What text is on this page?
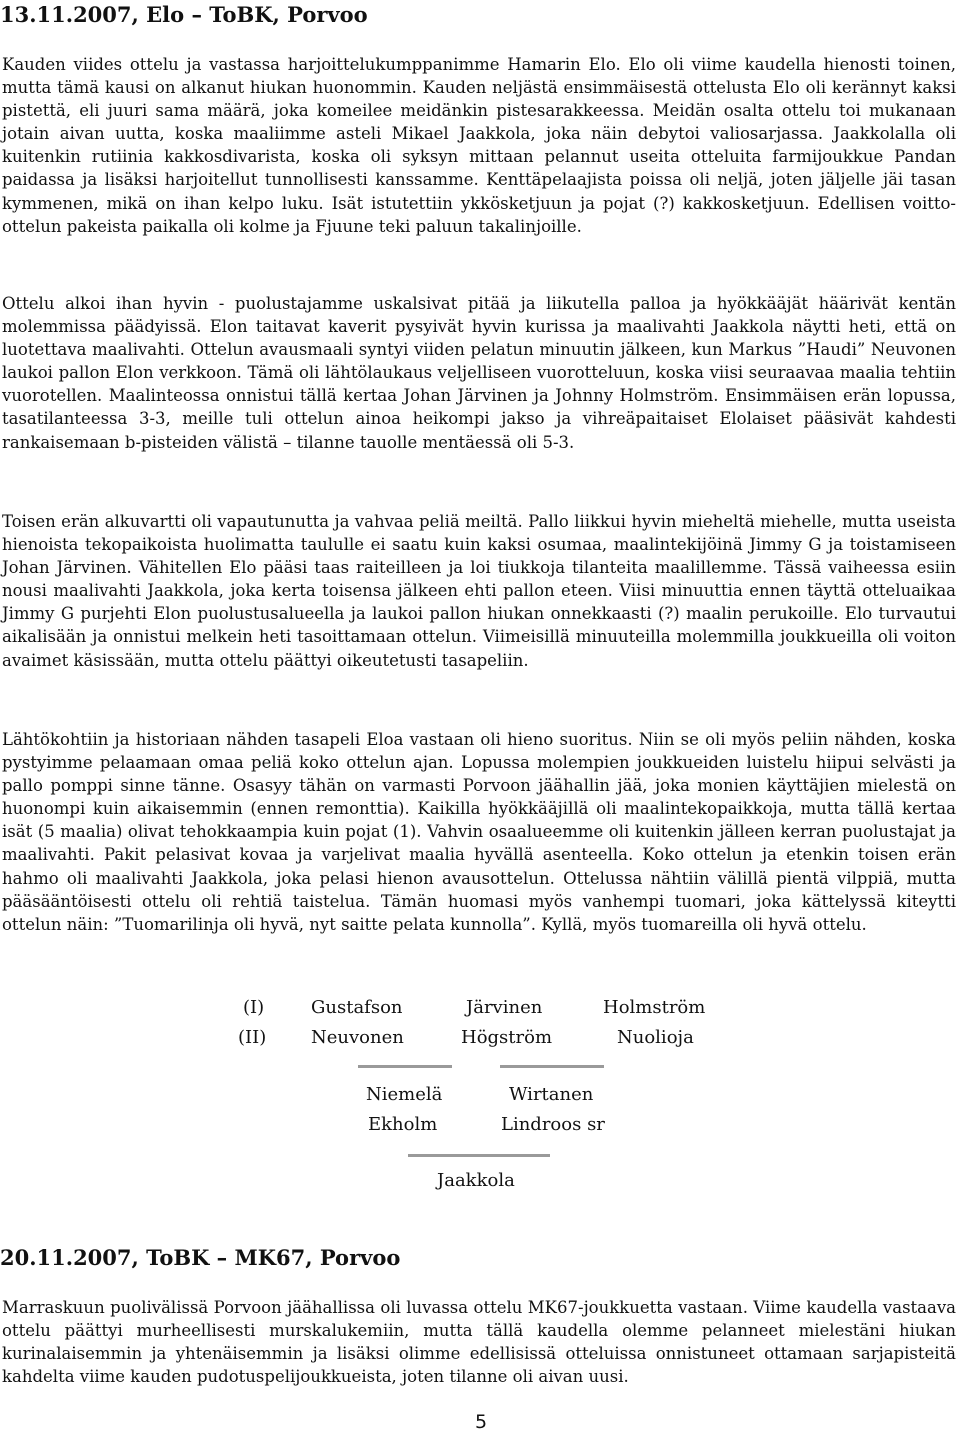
13.11.2007, Elo – ToBK, Porvoo

Kauden viides ottelu ja vastassa harjoittelukumppanimme Hamarin Elo. Elo oli viime kaudella hienosti toinen, mutta tämä kausi on alkanut hiukan huonommin. Kauden neljästä ensimmäisestä ottelusta Elo oli kerännyt kaksi pistettä, eli juuri sama määrä, joka komeilee meidänkin pistesarakkeessa. Meidän osalta ottelu toi mukanaan jotain aivan uutta, koska maaliimme asteli Mikael Jaakkola, joka näin debytoi valiosarjassa. Jaakkolalla oli kuitenkin rutiinia kakkosdivarista, koska oli syksyn mittaan pelannut useita otteluita farmijoukkue Pandan paidassa ja lisäksi harjoitellut tunnollisesti kanssamme. Kenttäpelaajista poissa oli neljä, joten jäljelle jäi tasan kymmenen, mikä on ihan kelpo luku. Isät istutettiin ykkösketjuun ja pojat (?) kakkosketjuun. Edellisen voitto-ottelun pakeista paikalla oli kolme ja Fjuune teki paluun takalinjoille.

Ottelu alkoi ihan hyvin - puolustajamme uskalsivat pitää ja liikutella palloa ja hyökkääjät häärivät kentän molemmissa päädyissä. Elon taitavat kaverit pysyivät hyvin kurissa ja maalivahti Jaakkola näytti heti, että on luotettava maalivahti. Ottelun avausmaali syntyi viiden pelatun minuutin jälkeen, kun Markus ”Haudi” Neuvonen laukoi pallon Elon verkkoon. Tämä oli lähtölaukaus veljelliseen vuorotteluun, koska viisi seuraavaa maalia tehtiin vuorotellen. Maalinteossa onnistui tällä kertaa Johan Järvinen ja Johnny Holmström. Ensimmäisen erän lopussa, tasatilanteessa 3-3, meille tuli ottelun ainoa heikompi jakso ja vihreäpaitaiset Elolaiset pääsivät kahdesti rankaisemaan b-pisteiden välistä – tilanne tauolle mentäessä oli 5-3.

Toisen erän alkuvartti oli vapautunutta ja vahvaa peliä meiltä. Pallo liikkui hyvin mieheltä miehelle, mutta useista hienoista tekopaikoista huolimatta taululle ei saatu kuin kaksi osumaa, maalintekijöinä Jimmy G ja toistamiseen Johan Järvinen. Vähitellen Elo pääsi taas raiteilleen ja loi tiukkoja tilanteita maalillemme. Tässä vaiheessa esiin nousi maalivahti Jaakkola, joka kerta toisensa jälkeen ehti pallon eteen. Viisi minuuttia ennen täyttä otteluaikaa Jimmy G purjehti Elon puolustusalueella ja laukoi pallon hiukan onnekkaasti (?) maalin perukoille. Elo turvautui aikalisään ja onnistui melkein heti tasoittamaan ottelun. Viimeisillä minuuteilla molemmilla joukkueilla oli voiton avaimet käsissään, mutta ottelu päättyi oikeutetusti tasapeliin.

Lähtökohtiin ja historiaan nähden tasapeli Eloa vastaan oli hieno suoritus. Niin se oli myös peliin nähden, koska pystyimme pelaamaan omaa peliä koko ottelun ajan. Lopussa molempien joukkueiden luistelu hiipui selvästi ja pallo pomppi sinne tänne. Osasyy tähän on varmasti Porvoon jäähallin jää, joka monien käyttäjien mielestä on huonompi kuin aikaisemmin (ennen remonttia). Kaikilla hyökkääjillä oli maalintekopaikkoja, mutta tällä kertaa isät (5 maalia) olivat tehokkaampia kuin pojat (1). Vahvin osaalueemme oli kuitenkin jälleen kerran puolustajat ja maalivahti. Pakit pelasivat kovaa ja varjelivat maalia hyvällä asenteella. Koko ottelun ja etenkin toisen erän hahmo oli maalivahti Jaakkola, joka pelasi hienon avausottelun. Ottelussa nähtiin välillä pientä vilppiä, mutta pääsääntöisesti ottelu oli rehtiä taistelua. Tämän huomasi myös vanhempi tuomari, joka kättelyssä kiteytti ottelun näin: ”Tuomarilinja oli hyvä, nyt saitte pelata kunnolla”. Kyllä, myös tuomareilla oli hyvä ottelu.

(I)	Gustafson	Järvinen	Holmström
(II) Neuvonen	Högström	Nuolioja
Niemelä	Wirtanen
Ekholm	Lindroos sr
Jaakkola
20.11.2007, ToBK – MK67, Porvoo

Marraskuun puolivälissä Porvoon jäähallissa oli luvassa ottelu MK67-joukkuetta vastaan. Viime kaudella vastaava ottelu päättyi murheellisesti murskalukemiin, mutta tällä kaudella olemme pelanneet mielestäni hiukan kurinalaisemmin ja yhtenäisemmin ja lisäksi olimme edellisissä otteluissa onnistuneet ottamaan sarjapisteitä kahdelta viime kauden pudotuspelijoukkueista, joten tilanne oli aivan uusi.

5
